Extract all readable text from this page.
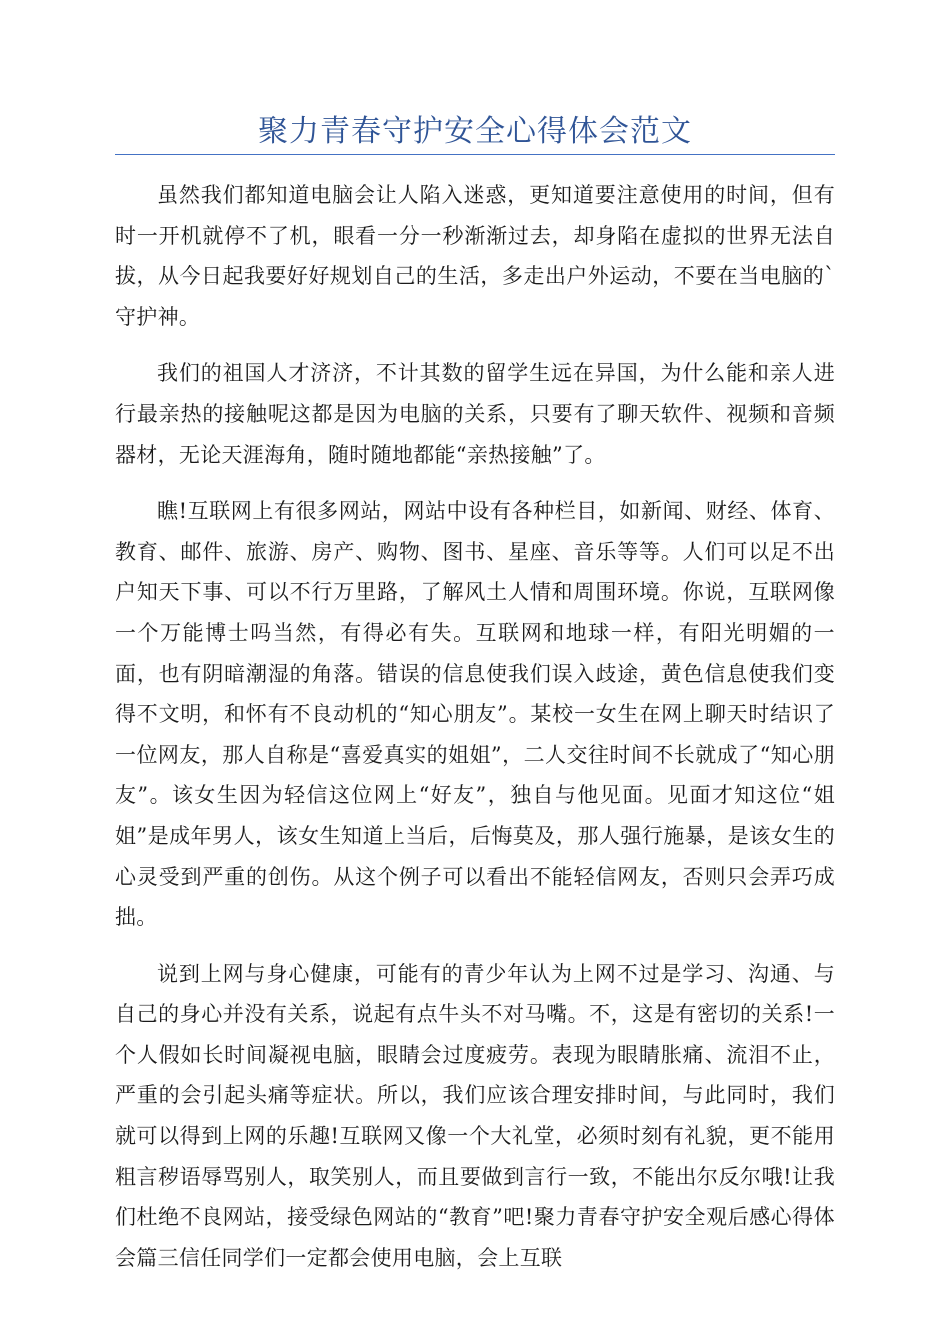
聚力青春守护安全心得体会范文

虽然我们都知道电脑会让人陷入迷惑，更知道要注意使用的时间，但有时一开机就停不了机，眼看一分一秒渐渐过去，却身陷在虚拟的世界无法自拔，从今日起我要好好规划自己的生活，多走出户外运动，不要在当电脑的`守护神。

我们的祖国人才济济，不计其数的留学生远在异国，为什么能和亲人进行最亲热的接触呢这都是因为电脑的关系，只要有了聊天软件、视频和音频器材，无论天涯海角，随时随地都能“亲热接触”了。

瞧!互联网上有很多网站，网站中设有各种栏目，如新闻、财经、体育、教育、邮件、旅游、房产、购物、图书、星座、音乐等等。人们可以足不出户知天下事、可以不行万里路，了解风土人情和周围环境。你说，互联网像一个万能博士吗当然，有得必有失。互联网和地球一样，有阳光明媚的一面，也有阴暗潮湿的角落。错误的信息使我们误入歧途，黄色信息使我们变得不文明，和怀有不良动机的“知心朋友”。某校一女生在网上聊天时结识了一位网友，那人自称是“喜爱真实的姐姐”，二人交往时间不长就成了“知心朋友”。该女生因为轻信这位网上“好友”，独自与他见面。见面才知这位“姐姐”是成年男人，该女生知道上当后，后悔莫及，那人强行施暴，是该女生的心灵受到严重的创伤。从这个例子可以看出不能轻信网友，否则只会弄巧成拙。

说到上网与身心健康，可能有的青少年认为上网不过是学习、沟通、与自己的身心并没有关系，说起有点牛头不对马嘴。不，这是有密切的关系!一个人假如长时间凝视电脑，眼睛会过度疲劳。表现为眼睛胀痛、流泪不止，严重的会引起头痛等症状。所以，我们应该合理安排时间，与此同时，我们就可以得到上网的乐趣!互联网又像一个大礼堂，必须时刻有礼貌，更不能用粗言秽语辱骂别人，取笑别人，而且要做到言行一致，不能出尔反尔哦!让我们杜绝不良网站，接受绿色网站的“教育”吧!聚力青春守护安全观后感心得体会篇三信任同学们一定都会使用电脑，会上互联
